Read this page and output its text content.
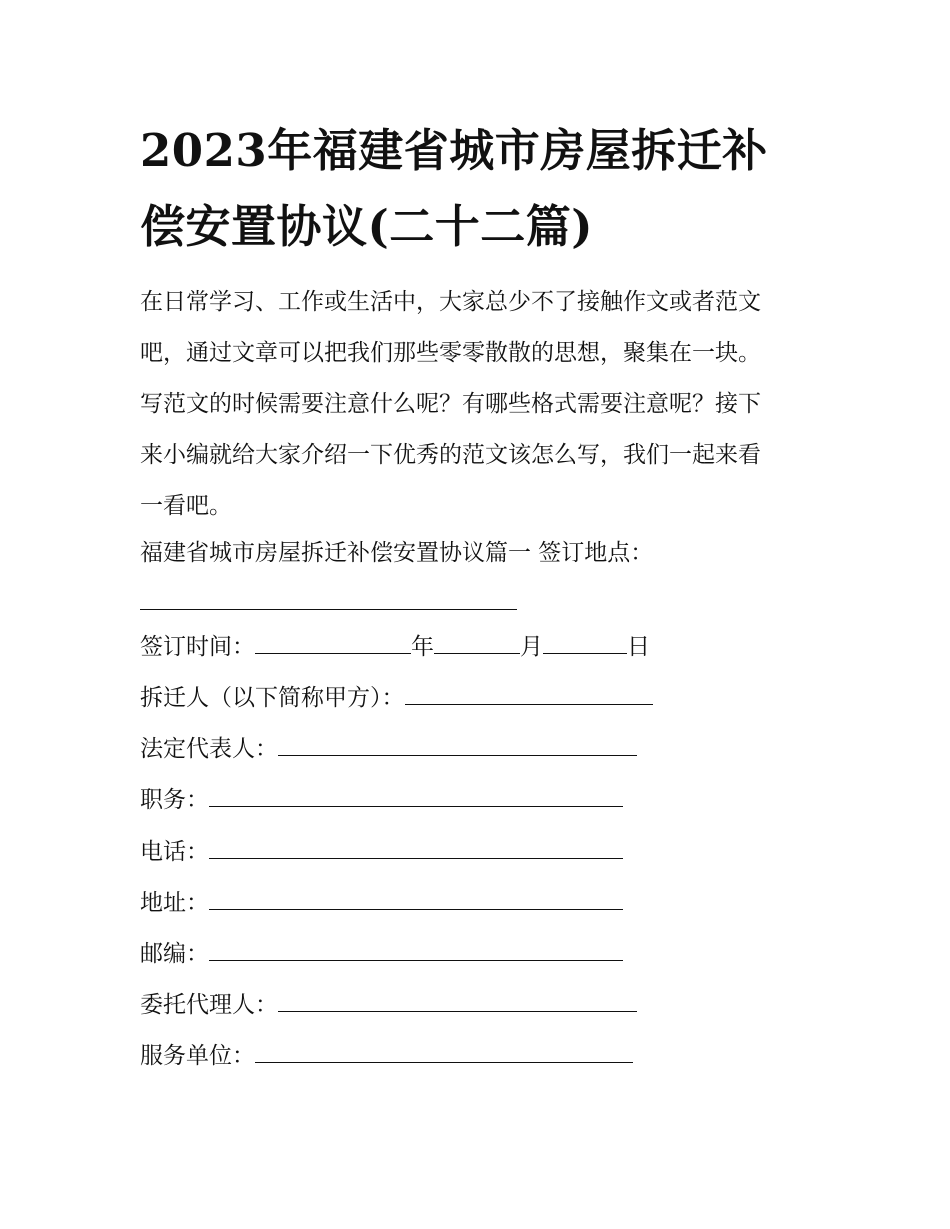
2023年福建省城市房屋拆迁补
偿安置协议(二十二篇)

在日常学习、工作或生活中，大家总少不了接触作文或者范文
吧，通过文章可以把我们那些零零散散的思想，聚集在一块。
写范文的时候需要注意什么呢？有哪些格式需要注意呢？接下
来小编就给大家介绍一下优秀的范文该怎么写，我们一起来看
一看吧。

福建省城市房屋拆迁补偿安置协议篇一 签订地点：
签订时间：	年	月	日
拆迁人（以下简称甲方）：
法定代表人：
职务：
电话：
地址：
邮编：
委托代理人：
服务单位：
